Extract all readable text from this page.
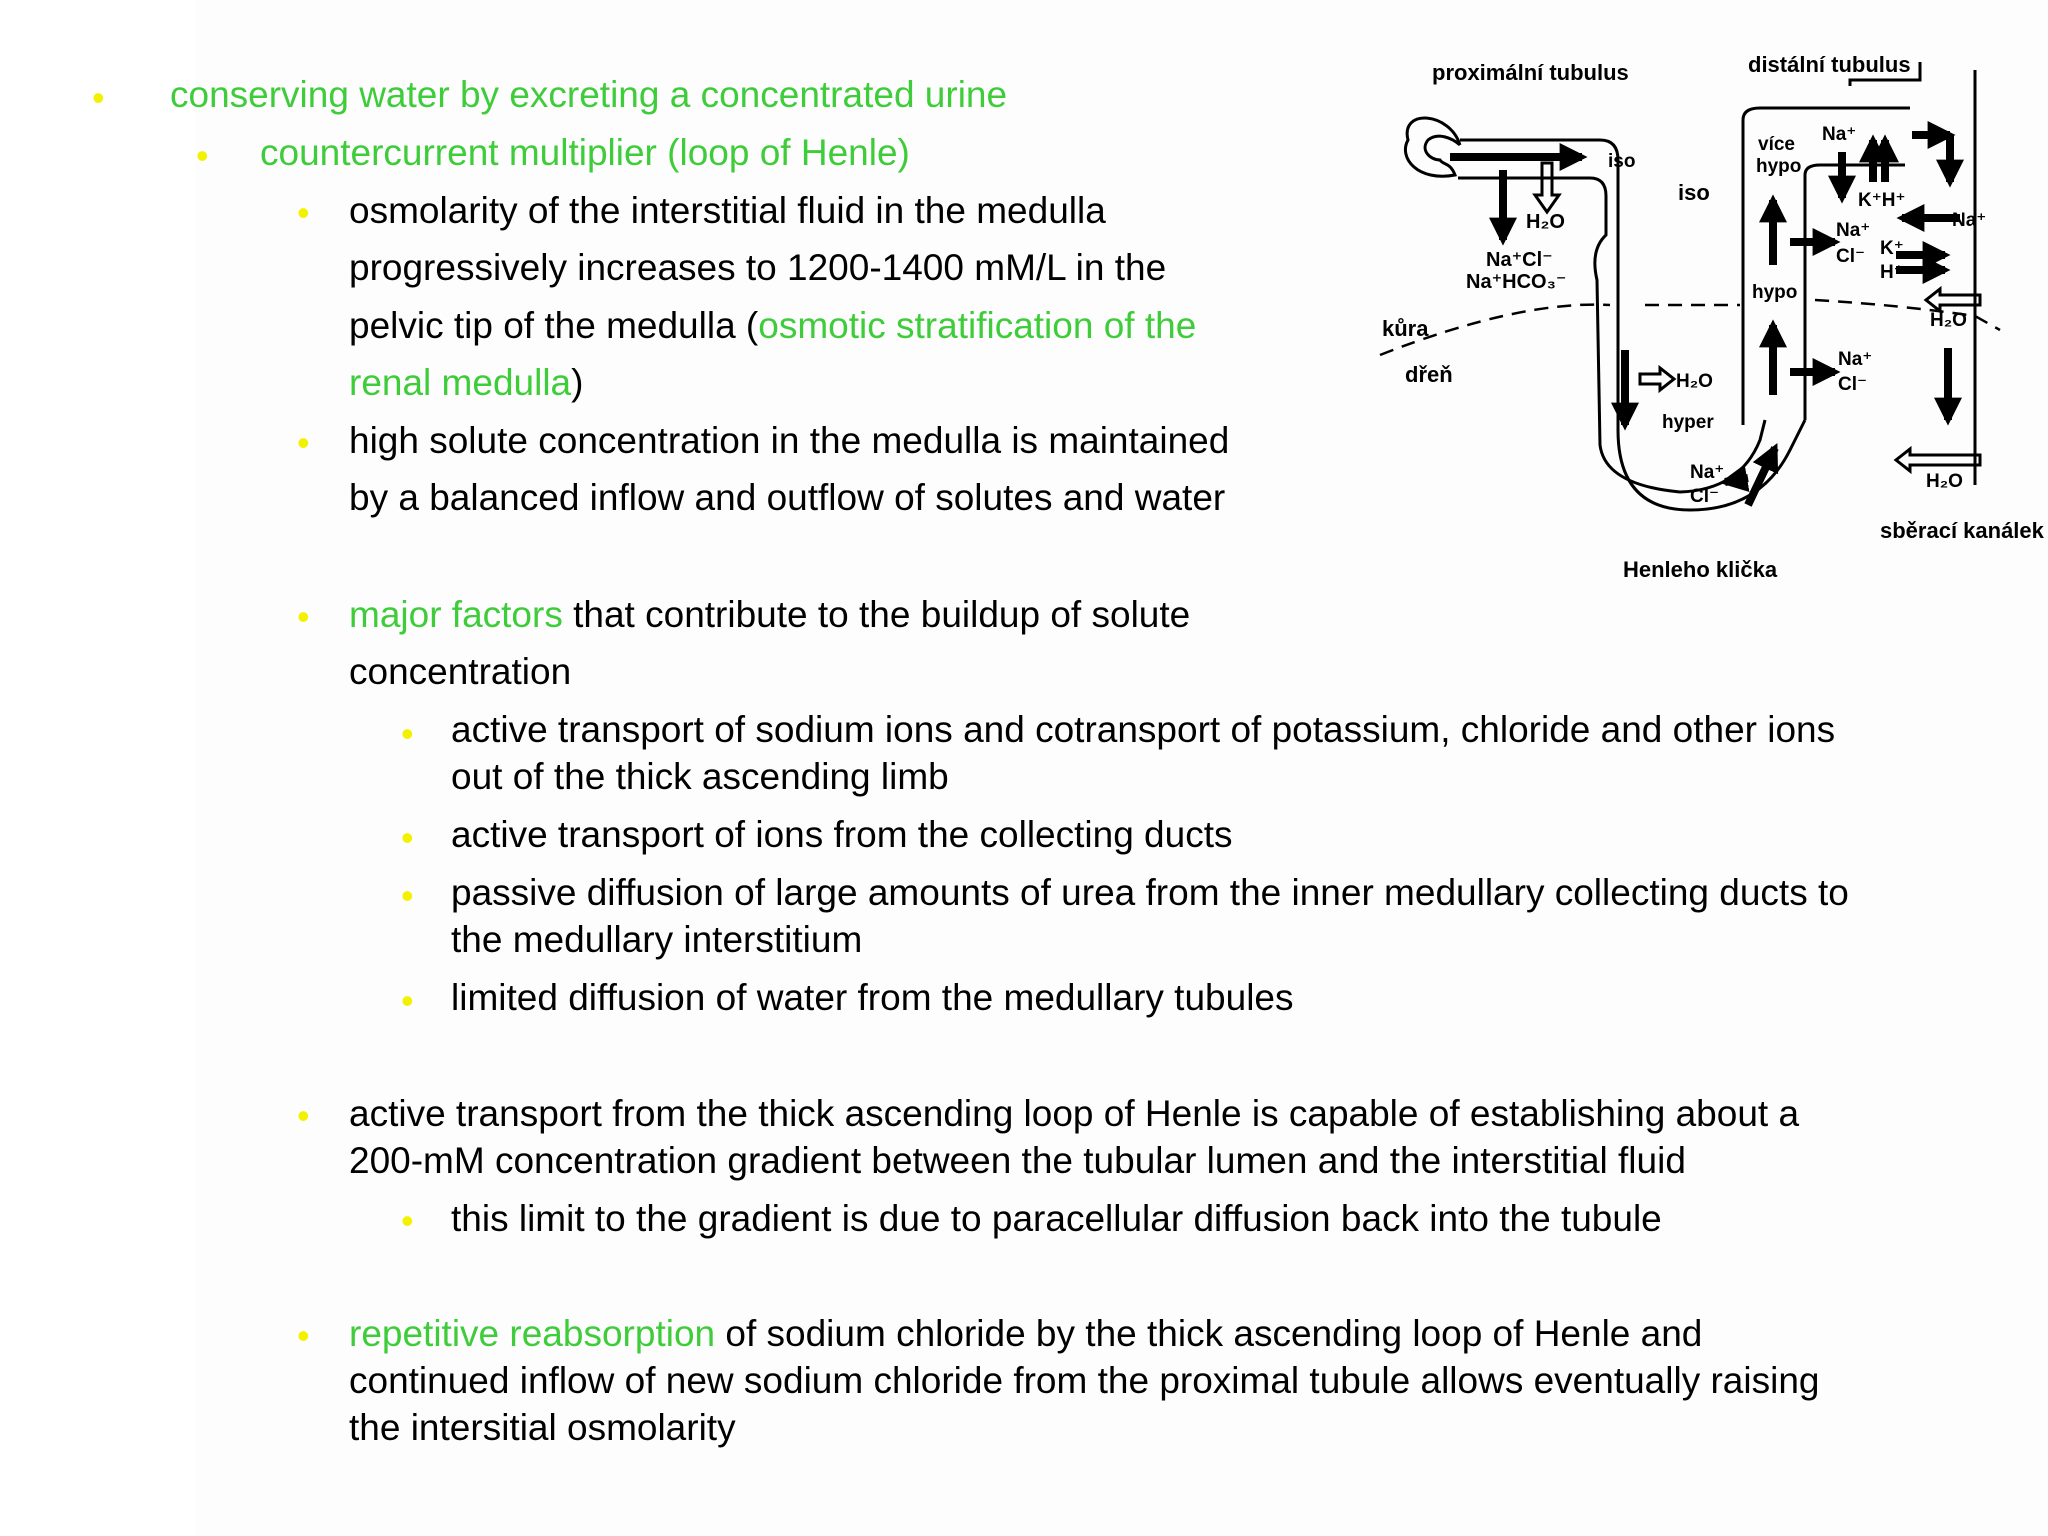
• conserving water by excreting a concentrated urine
• countercurrent multiplier (loop of Henle)
• osmolarity of the interstitial fluid in the medulla
progressively increases to 1200-1400 mM/L in the
pelvic tip of the medulla (osmotic stratification of the
renal medulla)
• high solute concentration in the medulla is maintained
by a balanced inflow and outflow of solutes and water
• major factors that contribute to the buildup of solute
concentration
• active transport of sodium ions and cotransport of potassium, chloride and other ions
out of the thick ascending limb
• active transport of ions from the collecting ducts
• passive diffusion of large amounts of urea from the inner medullary collecting ducts to
the medullary interstitium
• limited diffusion of water from the medullary tubules
• active transport from the thick ascending loop of Henle is capable of establishing about a
200-mM concentration gradient between the tubular lumen and the interstitial fluid
• this limit to the gradient is due to paracellular diffusion back into the tubule
• repetitive reabsorption of sodium chloride by the thick ascending loop of Henle and
continued inflow of new sodium chloride from the proximal tubule allows eventually raising
the intersitial osmolarity
proximální tubulus	distální tubulus
iso
iso
více
hypo
Na⁺
K⁺H⁺
Na⁺
Na⁺
Cl⁻ K⁺
H⁺
H₂O
Na⁺Cl⁻
Na⁺HCO₃⁻	hypo
H₂O
kůra
dřeň	H₂O
hyper
Na⁺
Cl⁻
Na⁺
Cl⁻
H₂O
sběrací kanálek
Henleho klička
